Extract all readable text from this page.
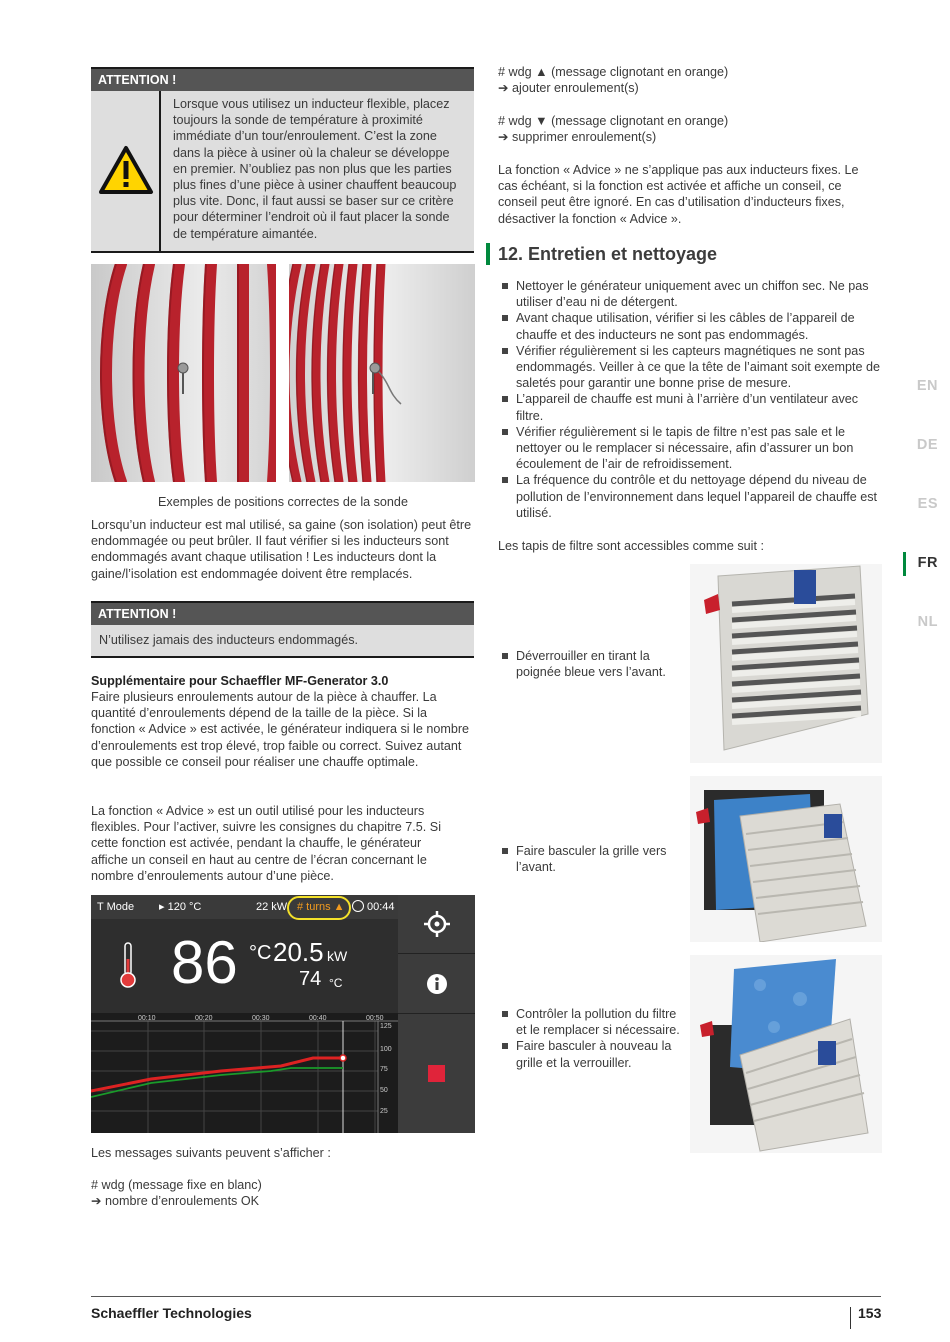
ATTENTION !

Lorsque vous utilisez un inducteur flexible, placez toujours la sonde de température à proximité immédiate d’un tour/enroulement. C’est la zone dans la pièce à usiner où la chaleur se développe en premier. N’oubliez pas non plus que les parties plus fines d’une pièce à usiner chauffent beaucoup plus vite. Donc, il faut aussi se baser sur ce critère pour déterminer l’endroit où il faut placer la sonde de température aimantée.

Exemples de positions correctes de la sonde

Lorsqu’un inducteur est mal utilisé, sa gaine (son isolation) peut être endommagée ou peut brûler. Il faut vérifier si les inducteurs sont endommagés avant chaque utilisation ! Les inducteurs dont la gaine/l’isolation est endommagée doivent être remplacés.

ATTENTION !

N’utilisez jamais des inducteurs endommagés.

Supplémentaire pour Schaeffler MF-Generator 3.0

Faire plusieurs enroulements autour de la pièce à chauffer. La quantité d’enroulements dépend de la taille de la pièce. Si la fonction « Advice » est activée, le générateur indiquera si le nombre d’enroulements est trop élevé, trop faible ou correct. Suivez autant que possible ce conseil pour réaliser une chauffe optimale.

La fonction « Advice » est un outil utilisé pour les inducteurs flexibles. Pour l’activer, suivre les consignes du chapitre 7.5. Si cette fonction est activée, pendant la chauffe, le générateur affiche un conseil en haut au centre de l’écran concernant le nombre d’enroulements autour d’une pièce.

T Mode ▸ 120 °C	22 kW # turns ▲ 00:44
86 °C 20.5 kW
74 °C
00:10	00:20	00:30	00:40	00:50
125
100
75
50
25

Les messages suivants peuvent s’afficher :

# wdg (message fixe en blanc)

➔ nombre d’enroulements OK

# wdg ▲ (message clignotant en orange)

➔ ajouter enroulement(s)

# wdg ▼ (message clignotant en orange)

➔ supprimer enroulement(s)

La fonction « Advice » ne s’applique pas aux inducteurs fixes. Le cas échéant, si la fonction est activée et affiche un conseil, ce conseil peut être ignoré. En cas d’utilisation d’inducteurs fixes, désactiver la fonction « Advice ».

12. Entretien et nettoyage
Nettoyer le générateur uniquement avec un chiffon sec. Ne pas utiliser d’eau ni de détergent.
Avant chaque utilisation, vérifier si les câbles de l’appareil de chauffe et des inducteurs ne sont pas endommagés.
Vérifier régulièrement si les capteurs magnétiques ne sont pas endommagés. Veiller à ce que la tête de l’aimant soit exempte de saletés pour garantir une bonne prise de mesure.
L’appareil de chauffe est muni à l’arrière d’un ventilateur avec filtre.
Vérifier régulièrement si le tapis de filtre n’est pas sale et le nettoyer ou le remplacer si nécessaire, afin d’assurer un bon écoulement de l’air de refroidissement.
La fréquence du contrôle et du nettoyage dépend du niveau de pollution de l’environnement dans lequel l’appareil de chauffe est utilisé.

Les tapis de filtre sont accessibles comme suit :

Déverrouiller en tirant la poignée bleue vers l’avant.
Faire basculer la grille vers l’avant.
Contrôler la pollution du filtre et le remplacer si nécessaire.
Faire basculer à nouveau la grille et la verrouiller.
EN
DE
ES
FR
NL
Schaeffler Technologies	153
